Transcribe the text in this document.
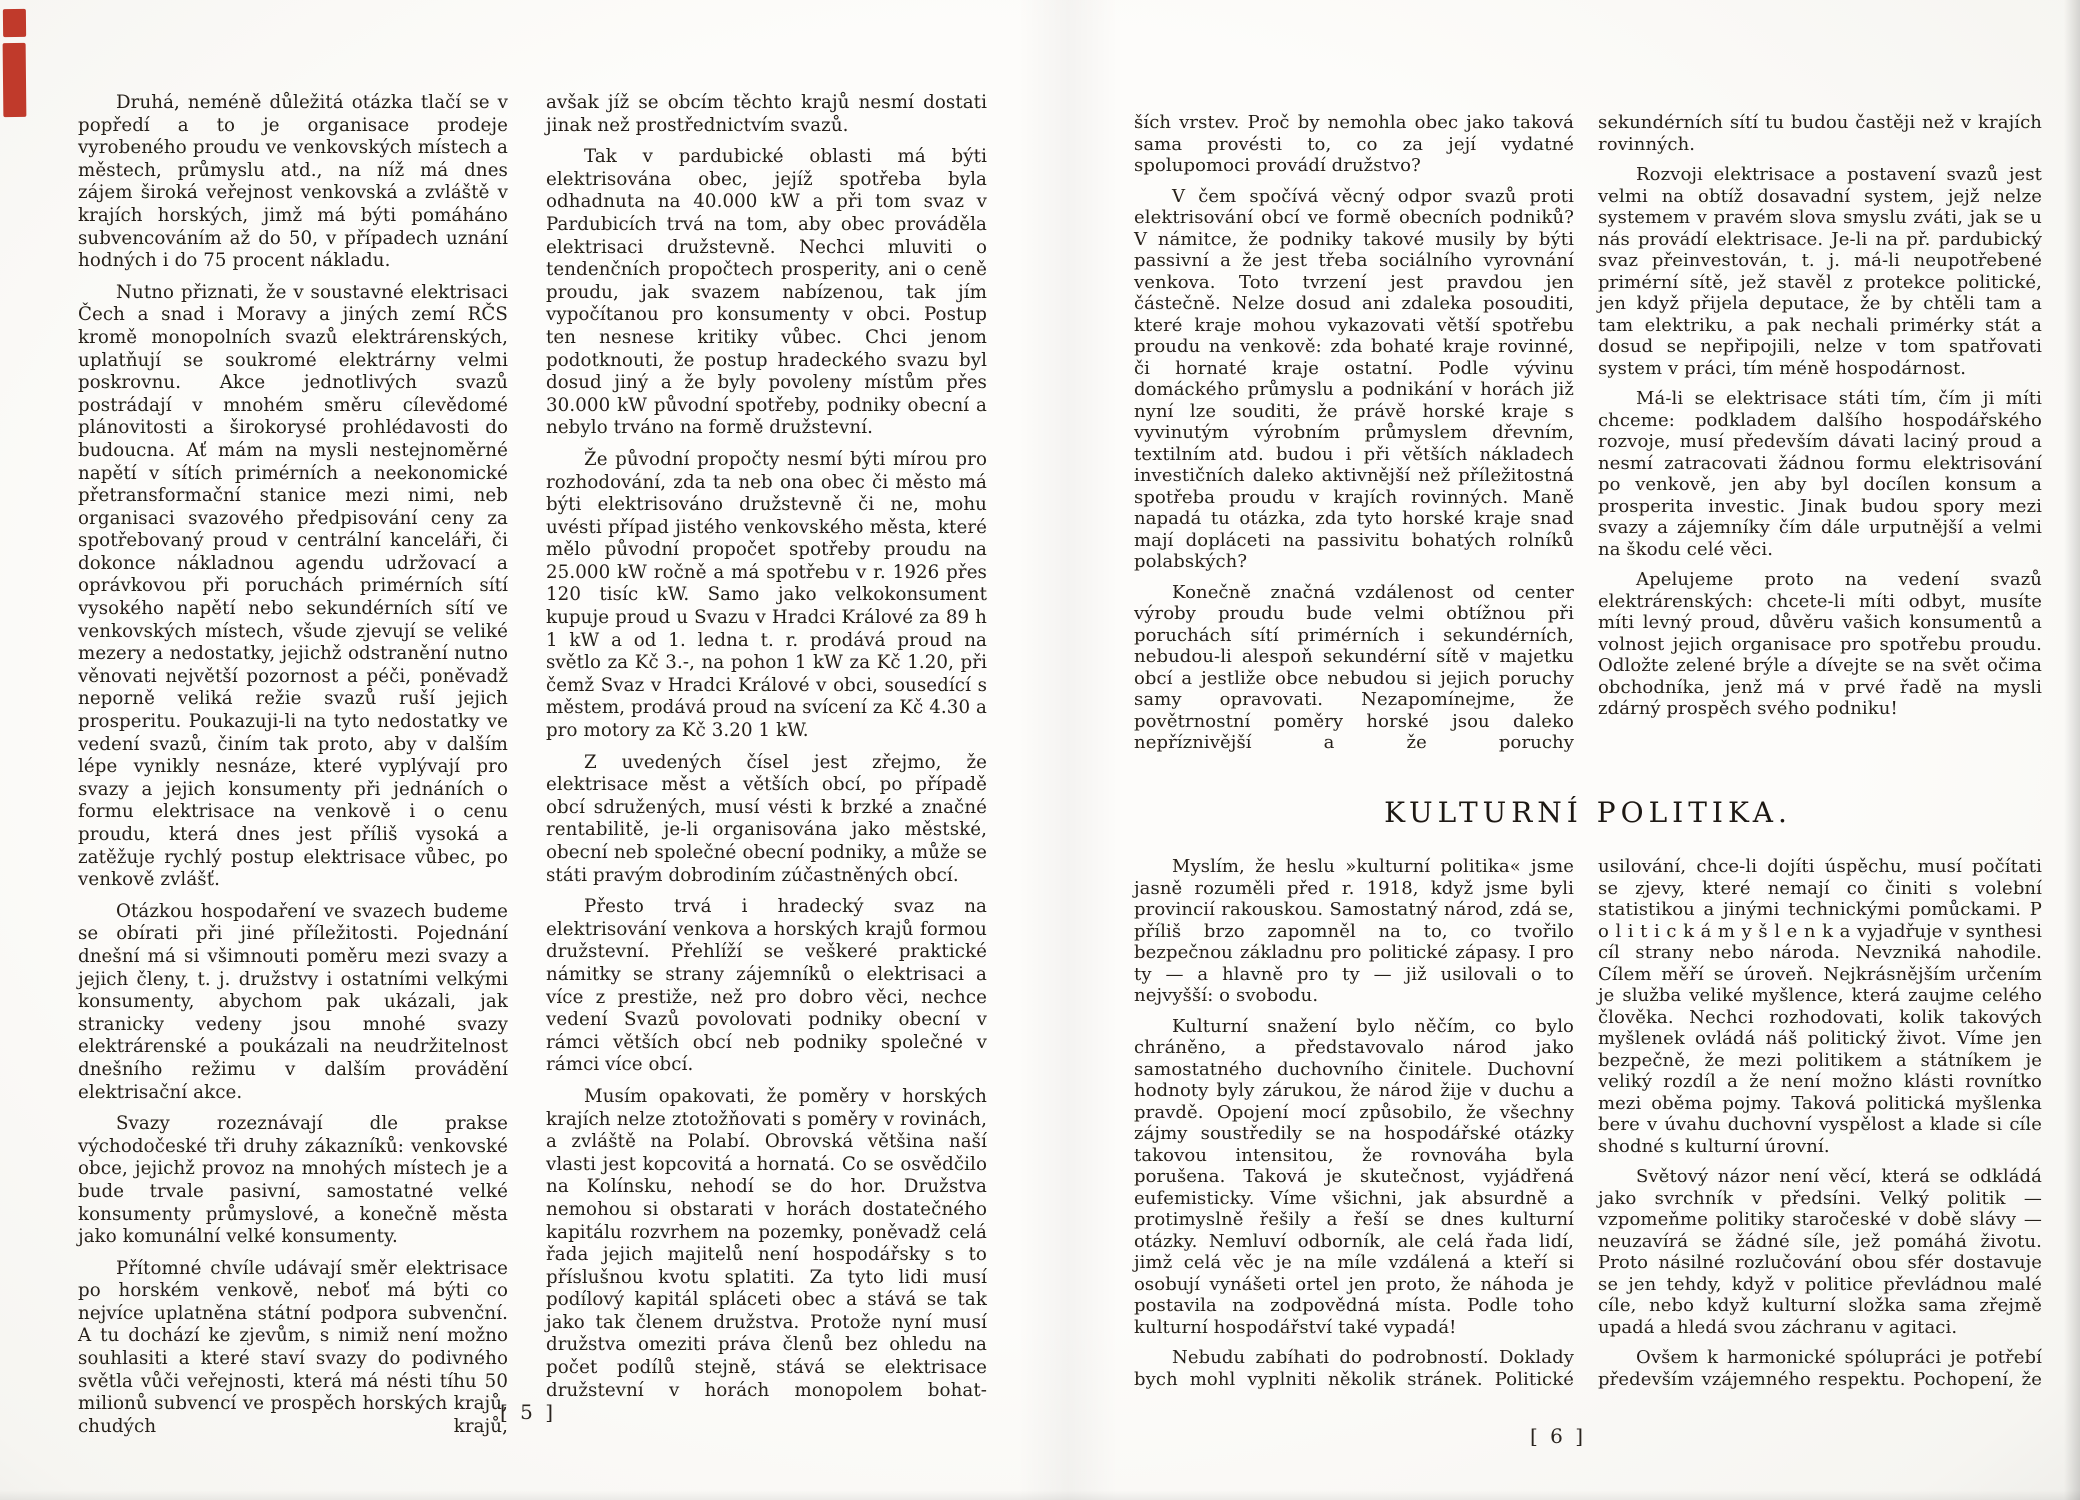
Druhá, neméně důležitá otázka tlačí se v popředí a to je organisace prodeje vyrobeného proudu ve venkovských místech a městech, průmyslu atd., na níž má dnes zájem široká veřejnost venkovská a zvláště v krajích horských, jimž má býti pomáháno subvencováním až do 50, v případech uznání hodných i do 75 procent nákladu.

Nutno přiznati, že v soustavné elektrisaci Čech a snad i Moravy a jiných zemí RČS kromě monopolních svazů elektrárenských, uplatňují se soukromé elektrárny velmi poskrovnu. Akce jednotlivých svazů postrádají v mnohém směru cílevědomé plánovitosti a širokorysé prohlédavosti do budoucna. Ať mám na mysli nestejnoměrné napětí v sítích primérních a neekonomické přetransformační stanice mezi nimi, neb organisaci svazového předpisování ceny za spotřebovaný proud v centrální kanceláři, či dokonce nákladnou agendu udržovací a oprávkovou při poruchách primérních sítí vysokého napětí nebo sekundérních sítí ve venkovských místech, všude zjevují se veliké mezery a nedostatky, jejichž odstranění nutno věnovati největší pozornost a péči, poněvadž neporně veliká režie svazů ruší jejich prosperitu. Poukazuji-li na tyto nedostatky ve vedení svazů, činím tak proto, aby v dalším lépe vynikly nesnáze, které vyplývají pro svazy a jejich konsumenty při jednáních o formu elektrisace na venkově i o cenu proudu, která dnes jest příliš vysoká a zatěžuje rychlý postup elektrisace vůbec, po venkově zvlášť.

Otázkou hospodaření ve svazech budeme se obírati při jiné příležitosti. Pojednání dnešní má si všimnouti poměru mezi svazy a jejich členy, t. j. družstvy i ostatními velkými konsumenty, abychom pak ukázali, jak stranicky vedeny jsou mnohé svazy elektrárenské a poukázali na neudržitelnost dnešního režimu v dalším provádění elektrisační akce.

Svazy rozeznávají dle prakse východočeské tři druhy zákazníků: venkovské obce, jejichž provoz na mnohých místech je a bude trvale pasivní, samostatné velké konsumenty průmyslové, a konečně města jako komunální velké konsumenty.

Přítomné chvíle udávají směr elektrisace po horském venkově, neboť má býti co nejvíce uplatněna státní podpora subvenční. A tu dochází ke zjevům, s nimiž není možno souhlasiti a které staví svazy do podivného světla vůči veřejnosti, která má nésti tíhu 50 milionů subvencí ve prospěch horských krajů, chudých krajů,

avšak jíž se obcím těchto krajů nesmí dostati jinak než prostřednictvím svazů.

Tak v pardubické oblasti má býti elektrisována obec, jejíž spotřeba byla odhadnuta na 40.000 kW a při tom svaz v Pardubicích trvá na tom, aby obec prováděla elektrisaci družstevně. Nechci mluviti o tendenčních propočtech prosperity, ani o ceně proudu, jak svazem nabízenou, tak jím vypočítanou pro konsumenty v obci. Postup ten nesnese kritiky vůbec. Chci jenom podotknouti, že postup hradeckého svazu byl dosud jiný a že byly povoleny místům přes 30.000 kW původní spotřeby, podniky obecní a nebylo trváno na formě družstevní.

Že původní propočty nesmí býti mírou pro rozhodování, zda ta neb ona obec či město má býti elektrisováno družstevně či ne, mohu uvésti případ jistého venkovského města, které mělo původní propočet spotřeby proudu na 25.000 kW ročně a má spotřebu v r. 1926 přes 120 tisíc kW. Samo jako velkokonsument kupuje proud u Svazu v Hradci Králové za 89 h 1 kW a od 1. ledna t. r. prodává proud na světlo za Kč 3.-, na pohon 1 kW za Kč 1.20, při čemž Svaz v Hradci Králové v obci, sousedící s městem, prodává proud na svícení za Kč 4.30 a pro motory za Kč 3.20 1 kW.

Z uvedených čísel jest zřejmo, že elektrisace měst a větších obcí, po případě obcí sdružených, musí vésti k brzké a značné rentabilitě, je-li organisována jako městské, obecní neb společné obecní podniky, a může se státi pravým dobrodiním zúčastněných obcí.

Přesto trvá i hradecký svaz na elektrisování venkova a horských krajů formou družstevní. Přehlíží se veškeré praktické námitky se strany zájemníků o elektrisaci a více z prestiže, než pro dobro věci, nechce vedení Svazů povolovati podniky obecní v rámci větších obcí neb podniky společné v rámci více obcí.

Musím opakovati, že poměry v horských krajích nelze ztotožňovati s poměry v rovinách, a zvláště na Polabí. Obrovská většina naší vlasti jest kopcovitá a hornatá. Co se osvědčilo na Kolínsku, nehodí se do hor. Družstva nemohou si obstarati v horách dostatečného kapitálu rozvrhem na pozemky, poněvadž celá řada jejich majitelů není hospodářsky s to příslušnou kvotu splatiti. Za tyto lidi musí podílový kapitál spláceti obec a stává se tak jako tak členem družstva. Protože nyní musí družstva omeziti práva členů bez ohledu na počet podílů stejně, stává se elektrisace družstevní v horách monopolem bohat-

[ 5 ]

ších vrstev. Proč by nemohla obec jako taková sama provésti to, co za její vydatné spolupomoci provádí družstvo?

V čem spočívá věcný odpor svazů proti elektrisování obcí ve formě obecních podniků? V námitce, že podniky takové musily by býti passivní a že jest třeba sociálního vyrovnání venkova. Toto tvrzení jest pravdou jen částečně. Nelze dosud ani zdaleka posouditi, které kraje mohou vykazovati větší spotřebu proudu na venkově: zda bohaté kraje rovinné, či hornaté kraje ostatní. Podle vývinu domáckého průmyslu a podnikání v horách již nyní lze souditi, že právě horské kraje s vyvinutým výrobním průmyslem dřevním, textilním atd. budou i při větších nákladech investičních daleko aktivnější než příležitostná spotřeba proudu v krajích rovinných. Maně napadá tu otázka, zda tyto horské kraje snad mají dopláceti na passivitu bohatých rolníků polabských?

Konečně značná vzdálenost od center výroby proudu bude velmi obtížnou při poruchách sítí primérních i sekundérních, nebudou-li alespoň sekundérní sítě v majetku obcí a jestliže obce nebudou si jejich poruchy samy opravovati. Nezapomínejme, že povětrnostní poměry horské jsou daleko nepříznivější a že poruchy

sekundérních sítí tu budou častěji než v krajích rovinných.

Rozvoji elektrisace a postavení svazů jest velmi na obtíž dosavadní system, jejž nelze systemem v pravém slova smyslu zváti, jak se u nás provádí elektrisace. Je-li na př. pardubický svaz přeinvestován, t. j. má-li neupotřebené primérní sítě, jež stavěl z protekce politické, jen když přijela deputace, že by chtěli tam a tam elektriku, a pak nechali primérky stát a dosud se nepřipojili, nelze v tom spatřovati system v práci, tím méně hospodárnost.

Má-li se elektrisace státi tím, čím ji míti chceme: podkladem dalšího hospodářského rozvoje, musí především dávati laciný proud a nesmí zatracovati žádnou formu elektrisování po venkově, jen aby byl docílen konsum a prosperita investic. Jinak budou spory mezi svazy a zájemníky čím dále urputnější a velmi na škodu celé věci.

Apelujeme proto na vedení svazů elektrárenských: chcete-li míti odbyt, musíte míti levný proud, důvěru vašich konsumentů a volnost jejich organisace pro spotřebu proudu. Odložte zelené brýle a dívejte se na svět očima obchodníka, jenž má v prvé řadě na mysli zdárný prospěch svého podniku!

KULTURNÍ POLITIKA.

Myslím, že heslu »kulturní politika« jsme jasně rozuměli před r. 1918, když jsme byli provincií rakouskou. Samostatný národ, zdá se, příliš brzo zapomněl na to, co tvořilo bezpečnou základnu pro politické zápasy. I pro ty — a hlavně pro ty — již usilovali o to nejvyšší: o svobodu.

Kulturní snažení bylo něčím, co bylo chráněno, a představovalo národ jako samostatného duchovního činitele. Duchovní hodnoty byly zárukou, že národ žije v duchu a pravdě. Opojení mocí způsobilo, že všechny zájmy soustředily se na hospodářské otázky takovou intensitou, že rovnováha byla porušena. Taková je skutečnost, vyjádřená eufemisticky. Víme všichni, jak absurdně a protimyslně řešily a řeší se dnes kulturní otázky. Nemluví odborník, ale celá řada lidí, jimž celá věc je na míle vzdálená a kteří si osobují vynášeti ortel jen proto, že náhoda je postavila na zodpovědná místa. Podle toho kulturní hospodářství také vypadá!

Nebudu zabíhati do podrobností. Doklady bych mohl vyplniti několik stránek. Politické

usilování, chce-li dojíti úspěchu, musí počítati se zjevy, které nemají co činiti s volební statistikou a jinými technickými pomůckami. P o l i t i c k á m y š l e n k a vyjadřuje v synthesi cíl strany nebo národa. Nevzniká nahodile. Cílem měří se úroveň. Nejkrásnějším určením je služba veliké myšlence, která zaujme celého člověka. Nechci rozhodovati, kolik takových myšlenek ovládá náš politický život. Víme jen bezpečně, že mezi politikem a státníkem je veliký rozdíl a že není možno klásti rovnítko mezi oběma pojmy. Taková politická myšlenka bere v úvahu duchovní vyspělost a klade si cíle shodné s kulturní úrovní.

Světový názor není věcí, která se odkládá jako svrchník v předsíni. Velký politik — vzpomeňme politiky staročeské v době slávy — neuzavírá se žádné síle, jež pomáhá životu. Proto násilné rozlučování obou sfér dostavuje se jen tehdy, když v politice převládnou malé cíle, nebo když kulturní složka sama zřejmě upadá a hledá svou záchranu v agitaci.

Ovšem k harmonické spólupráci je potřebí především vzájemného respektu. Pochopení, že

[ 6 ]
